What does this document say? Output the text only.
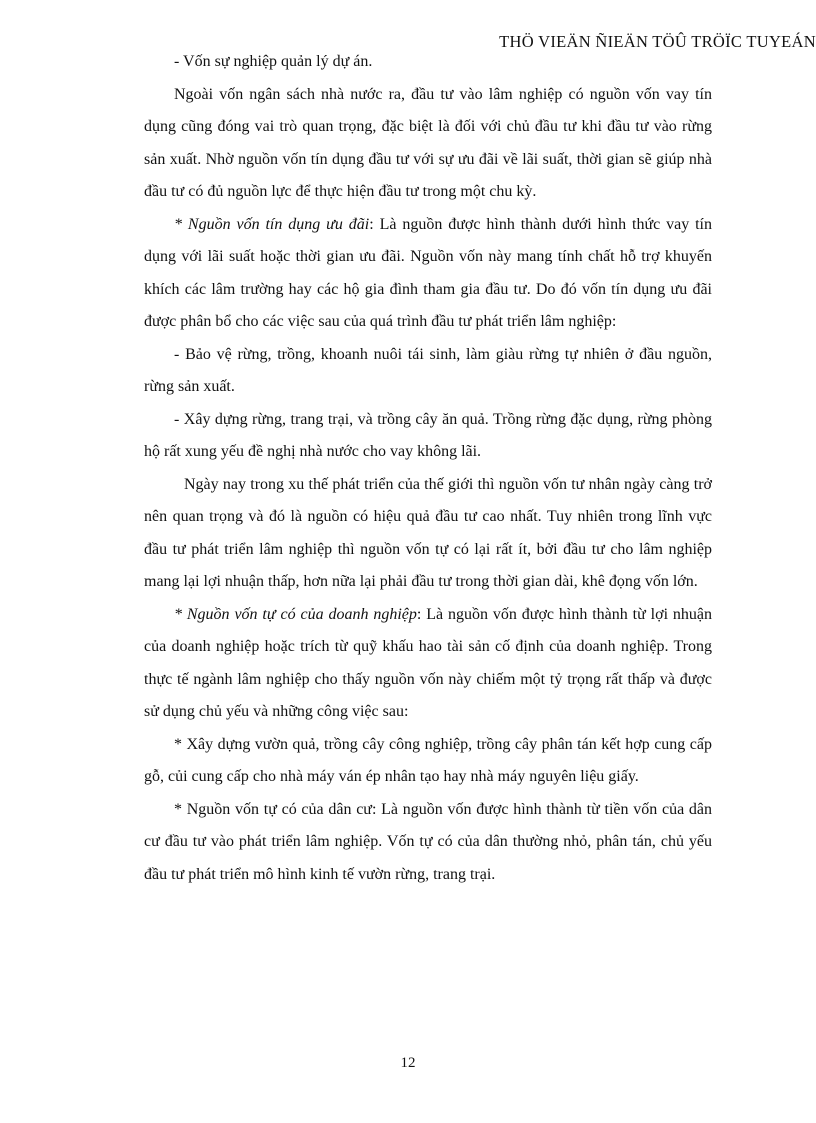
THÖ VIEÄN ÑIEÄN TÖÛ TRÖÏC TUYEÁN

- Vốn sự nghiệp quản lý dự án.

Ngoài vốn ngân sách nhà nước ra, đầu tư vào lâm nghiệp có nguồn vốn vay tín dụng cũng đóng vai trò quan trọng, đặc biệt là đối với chủ đầu tư khi đầu tư vào rừng sản xuất. Nhờ nguồn vốn tín dụng đầu tư với sự ưu đãi về lãi suất, thời gian sẽ giúp nhà đầu tư có đủ nguồn lực để thực hiện đầu tư trong một chu kỳ.

* Nguồn vốn tín dụng ưu đãi: Là nguồn được hình thành dưới hình thức vay tín dụng với lãi suất hoặc thời gian ưu đãi. Nguồn vốn này mang tính chất hỗ trợ khuyến khích các lâm trường hay các hộ gia đình tham gia đầu tư. Do đó vốn tín dụng ưu đãi được phân bổ cho các việc sau của quá trình đầu tư phát triển lâm nghiệp:

- Bảo vệ rừng, trồng, khoanh nuôi tái sinh, làm giàu rừng tự nhiên ở đầu nguồn, rừng sản xuất.

- Xây dựng rừng, trang trại, và trồng cây ăn quả. Trồng rừng đặc dụng, rừng phòng hộ rất xung yếu đề nghị nhà nước cho vay không lãi.

Ngày nay trong xu thế phát triển của thế giới thì nguồn vốn tư nhân ngày càng trở nên quan trọng và đó là nguồn có hiệu quả đầu tư cao nhất. Tuy nhiên trong lĩnh vực đầu tư phát triển lâm nghiệp thì nguồn vốn tự có lại rất ít, bởi đầu tư cho lâm nghiệp mang lại lợi nhuận thấp, hơn nữa lại phải đầu tư trong thời gian dài, khê đọng vốn lớn.

* Nguồn vốn tự có của doanh nghiệp: Là nguồn vốn được hình thành từ lợi nhuận của doanh nghiệp hoặc trích từ quỹ khấu hao tài sản cố định của doanh nghiệp. Trong thực tế ngành lâm nghiệp cho thấy nguồn vốn này chiếm một tỷ trọng rất thấp và được sử dụng chủ yếu và những công việc sau:

* Xây dựng vườn quả, trồng cây công nghiệp, trồng cây phân tán kết hợp cung cấp gỗ, củi cung cấp cho nhà máy ván ép nhân tạo hay nhà máy nguyên liệu giấy.

* Nguồn vốn tự có của dân cư: Là nguồn vốn được hình thành từ tiền vốn của dân cư đầu tư vào phát triển lâm nghiệp. Vốn tự có của dân thường nhỏ, phân tán, chủ yếu đầu tư phát triển mô hình kinh tế vườn rừng, trang trại.

12
